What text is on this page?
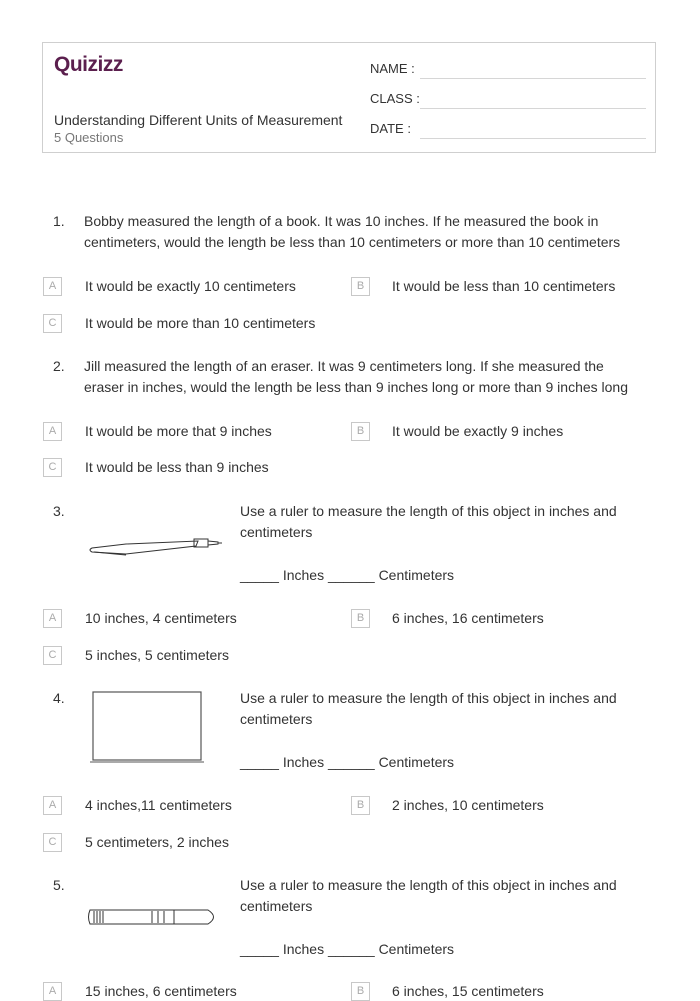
Quizizz
Understanding Different Units of Measurement
5 Questions
NAME :
CLASS :
DATE :
1. Bobby measured the length of a book. It was 10 inches. If he measured the book in
centimeters, would the length be less than 10 centimeters or more than 10 centimeters
A	It would be exactly 10 centimeters	B	It would be less than 10 centimeters
C	It would be more than 10 centimeters
2. Jill measured the length of an eraser. It was 9 centimeters long. If she measured the
eraser in inches, would the length be less than 9 inches long or more than 9 inches long
A	It would be more that 9 inches	B	It would be exactly 9 inches
C	It would be less than 9 inches
3.	Use a ruler to measure the length of this object in inches and
centimeters
_____ Inches ______ Centimeters
A	10 inches, 4 centimeters	B	6 inches, 16 centimeters
C	5 inches, 5 centimeters
4.	Use a ruler to measure the length of this object in inches and
centimeters
_____ Inches ______ Centimeters
A	4 inches,11 centimeters	B	2 inches, 10 centimeters
C	5 centimeters, 2 inches
5.	Use a ruler to measure the length of this object in inches and
centimeters
_____ Inches ______ Centimeters
A	15 inches, 6 centimeters	B	6 inches, 15 centimeters
